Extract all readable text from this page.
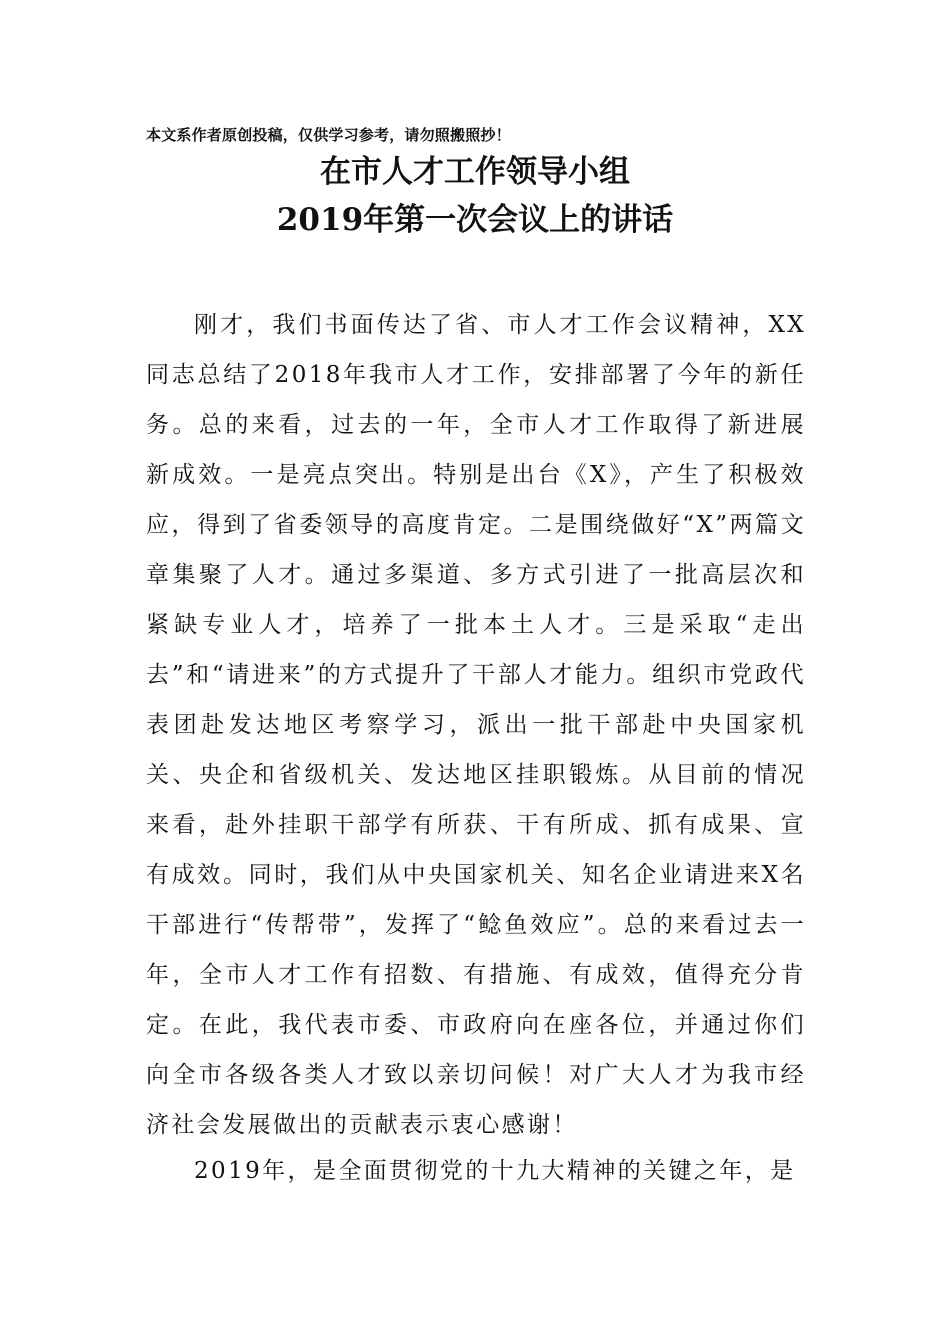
本文系作者原创投稿，仅供学习参考，请勿照搬照抄！
在市人才工作领导小组
2019年第一次会议上的讲话

刚才，我们书面传达了省、市人才工作会议精神，XX同志总结了2018年我市人才工作，安排部署了今年的新任务。总的来看，过去的一年，全市人才工作取得了新进展新成效。一是亮点突出。特别是出台《X》，产生了积极效应，得到了省委领导的高度肯定。二是围绕做好“X”两篇文章集聚了人才。通过多渠道、多方式引进了一批高层次和紧缺专业人才，培养了一批本土人才。三是采取“走出去”和“请进来”的方式提升了干部人才能力。组织市党政代表团赴发达地区考察学习，派出一批干部赴中央国家机关、央企和省级机关、发达地区挂职锻炼。从目前的情况来看，赴外挂职干部学有所获、干有所成、抓有成果、宣有成效。同时，我们从中央国家机关、知名企业请进来X名干部进行“传帮带”，发挥了“鲶鱼效应”。总的来看过去一年，全市人才工作有招数、有措施、有成效，值得充分肯定。在此，我代表市委、市政府向在座各位，并通过你们向全市各级各类人才致以亲切问候！对广大人才为我市经济社会发展做出的贡献表示衷心感谢！

2019年，是全面贯彻党的十九大精神的关键之年，是
